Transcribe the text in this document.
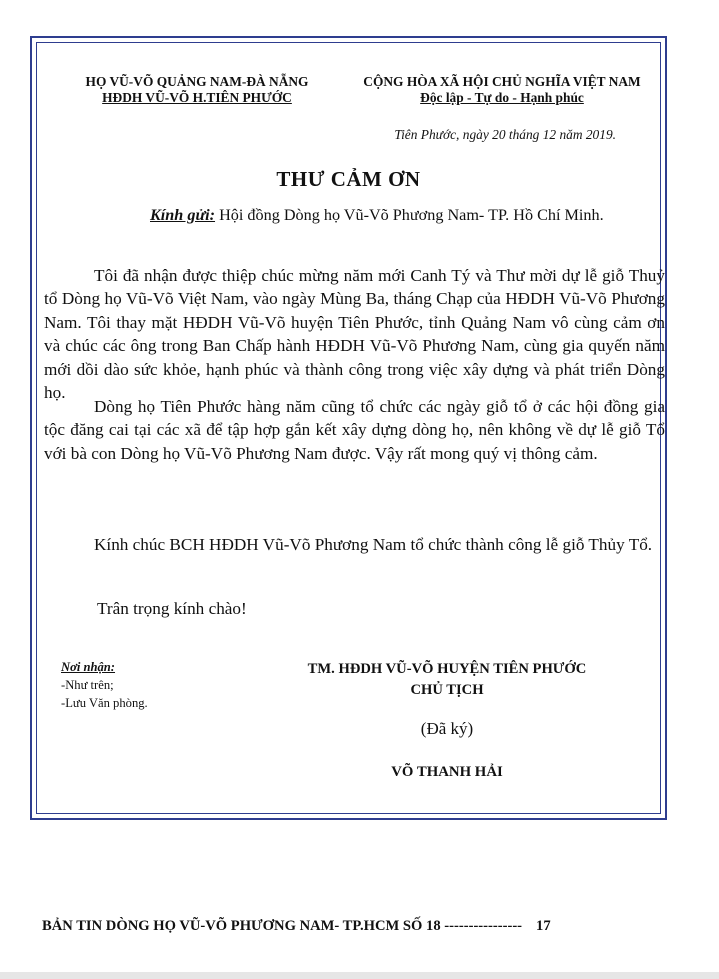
HỌ VŨ-VÕ QUẢNG NAM-ĐÀ NẴNG
HĐDH VŨ-VÕ H.TIÊN PHƯỚC
CỘNG HÒA XÃ HỘI CHỦ NGHĨA VIỆT NAM
Độc lập - Tự do - Hạnh phúc
Tiên Phước, ngày 20 tháng 12 năm 2019.
THƯ CẢM ƠN
Kính gửi: Hội đồng Dòng họ Vũ-Võ Phương Nam- TP. Hồ Chí Minh.

Tôi đã nhận được thiệp chúc mừng năm mới Canh Tý và Thư mời dự lễ giỗ Thuỷ tổ Dòng họ Vũ-Võ Việt Nam, vào ngày Mùng Ba, tháng Chạp của HĐDH Vũ-Võ Phương Nam. Tôi thay mặt HĐDH Vũ-Võ huyện Tiên Phước, tỉnh Quảng Nam vô cùng cảm ơn và chúc các ông trong Ban Chấp hành HĐDH Vũ-Võ Phương Nam, cùng gia quyến năm mới dồi dào sức khỏe, hạnh phúc và thành công trong việc xây dựng và phát triển Dòng họ.

Dòng họ Tiên Phước hàng năm cũng tổ chức các ngày giỗ tổ ở các hội đồng gia tộc đăng cai tại các xã để tập hợp gắn kết xây dựng dòng họ, nên không về dự lễ giỗ Tổ với bà con Dòng họ Vũ-Võ Phương Nam được. Vậy rất mong quý vị thông cảm.

Kính chúc BCH HĐDH Vũ-Võ Phương Nam tổ chức thành công lễ giỗ Thủy Tổ.

Trân trọng kính chào!
Nơi nhận:
-Như trên;
-Lưu Văn phòng.
TM. HĐDH VŨ-VÕ HUYỆN TIÊN PHƯỚC
CHỦ TỊCH
(Đã ký)
VÕ THANH HẢI
BẢN TIN DÒNG HỌ VŨ-VÕ PHƯƠNG NAM- TP.HCM SỐ 18 ---------------- 17
